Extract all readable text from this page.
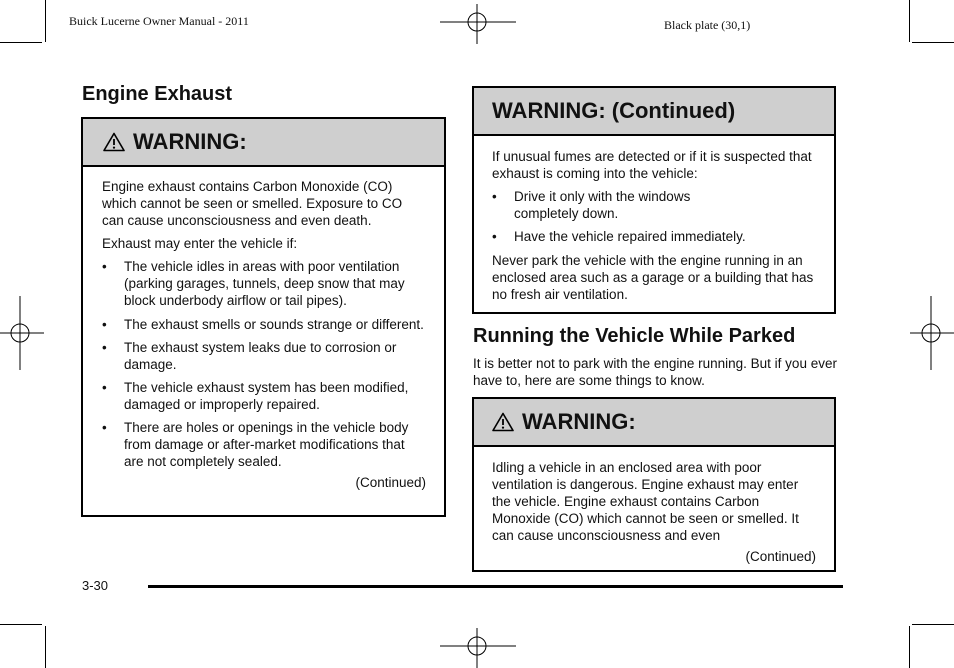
Buick Lucerne Owner Manual - 2011	Black plate (30,1)
Engine Exhaust
WARNING:

Engine exhaust contains Carbon Monoxide (CO) which cannot be seen or smelled. Exposure to CO can cause unconsciousness and even death.

Exhaust may enter the vehicle if:

• The vehicle idles in areas with poor ventilation (parking garages, tunnels, deep snow that may block underbody airflow or tail pipes).
• The exhaust smells or sounds strange or different.
• The exhaust system leaks due to corrosion or damage.
• The vehicle exhaust system has been modified, damaged or improperly repaired.
• There are holes or openings in the vehicle body from damage or after-market modifications that are not completely sealed.

(Continued)

WARNING: (Continued)

If unusual fumes are detected or if it is suspected that exhaust is coming into the vehicle:

• Drive it only with the windows completely down.
• Have the vehicle repaired immediately.

Never park the vehicle with the engine running in an enclosed area such as a garage or a building that has no fresh air ventilation.

Running the Vehicle While Parked

It is better not to park with the engine running. But if you ever have to, here are some things to know.

WARNING:

Idling a vehicle in an enclosed area with poor ventilation is dangerous. Engine exhaust may enter the vehicle. Engine exhaust contains Carbon Monoxide (CO) which cannot be seen or smelled. It can cause unconsciousness and even

(Continued)

3-30
